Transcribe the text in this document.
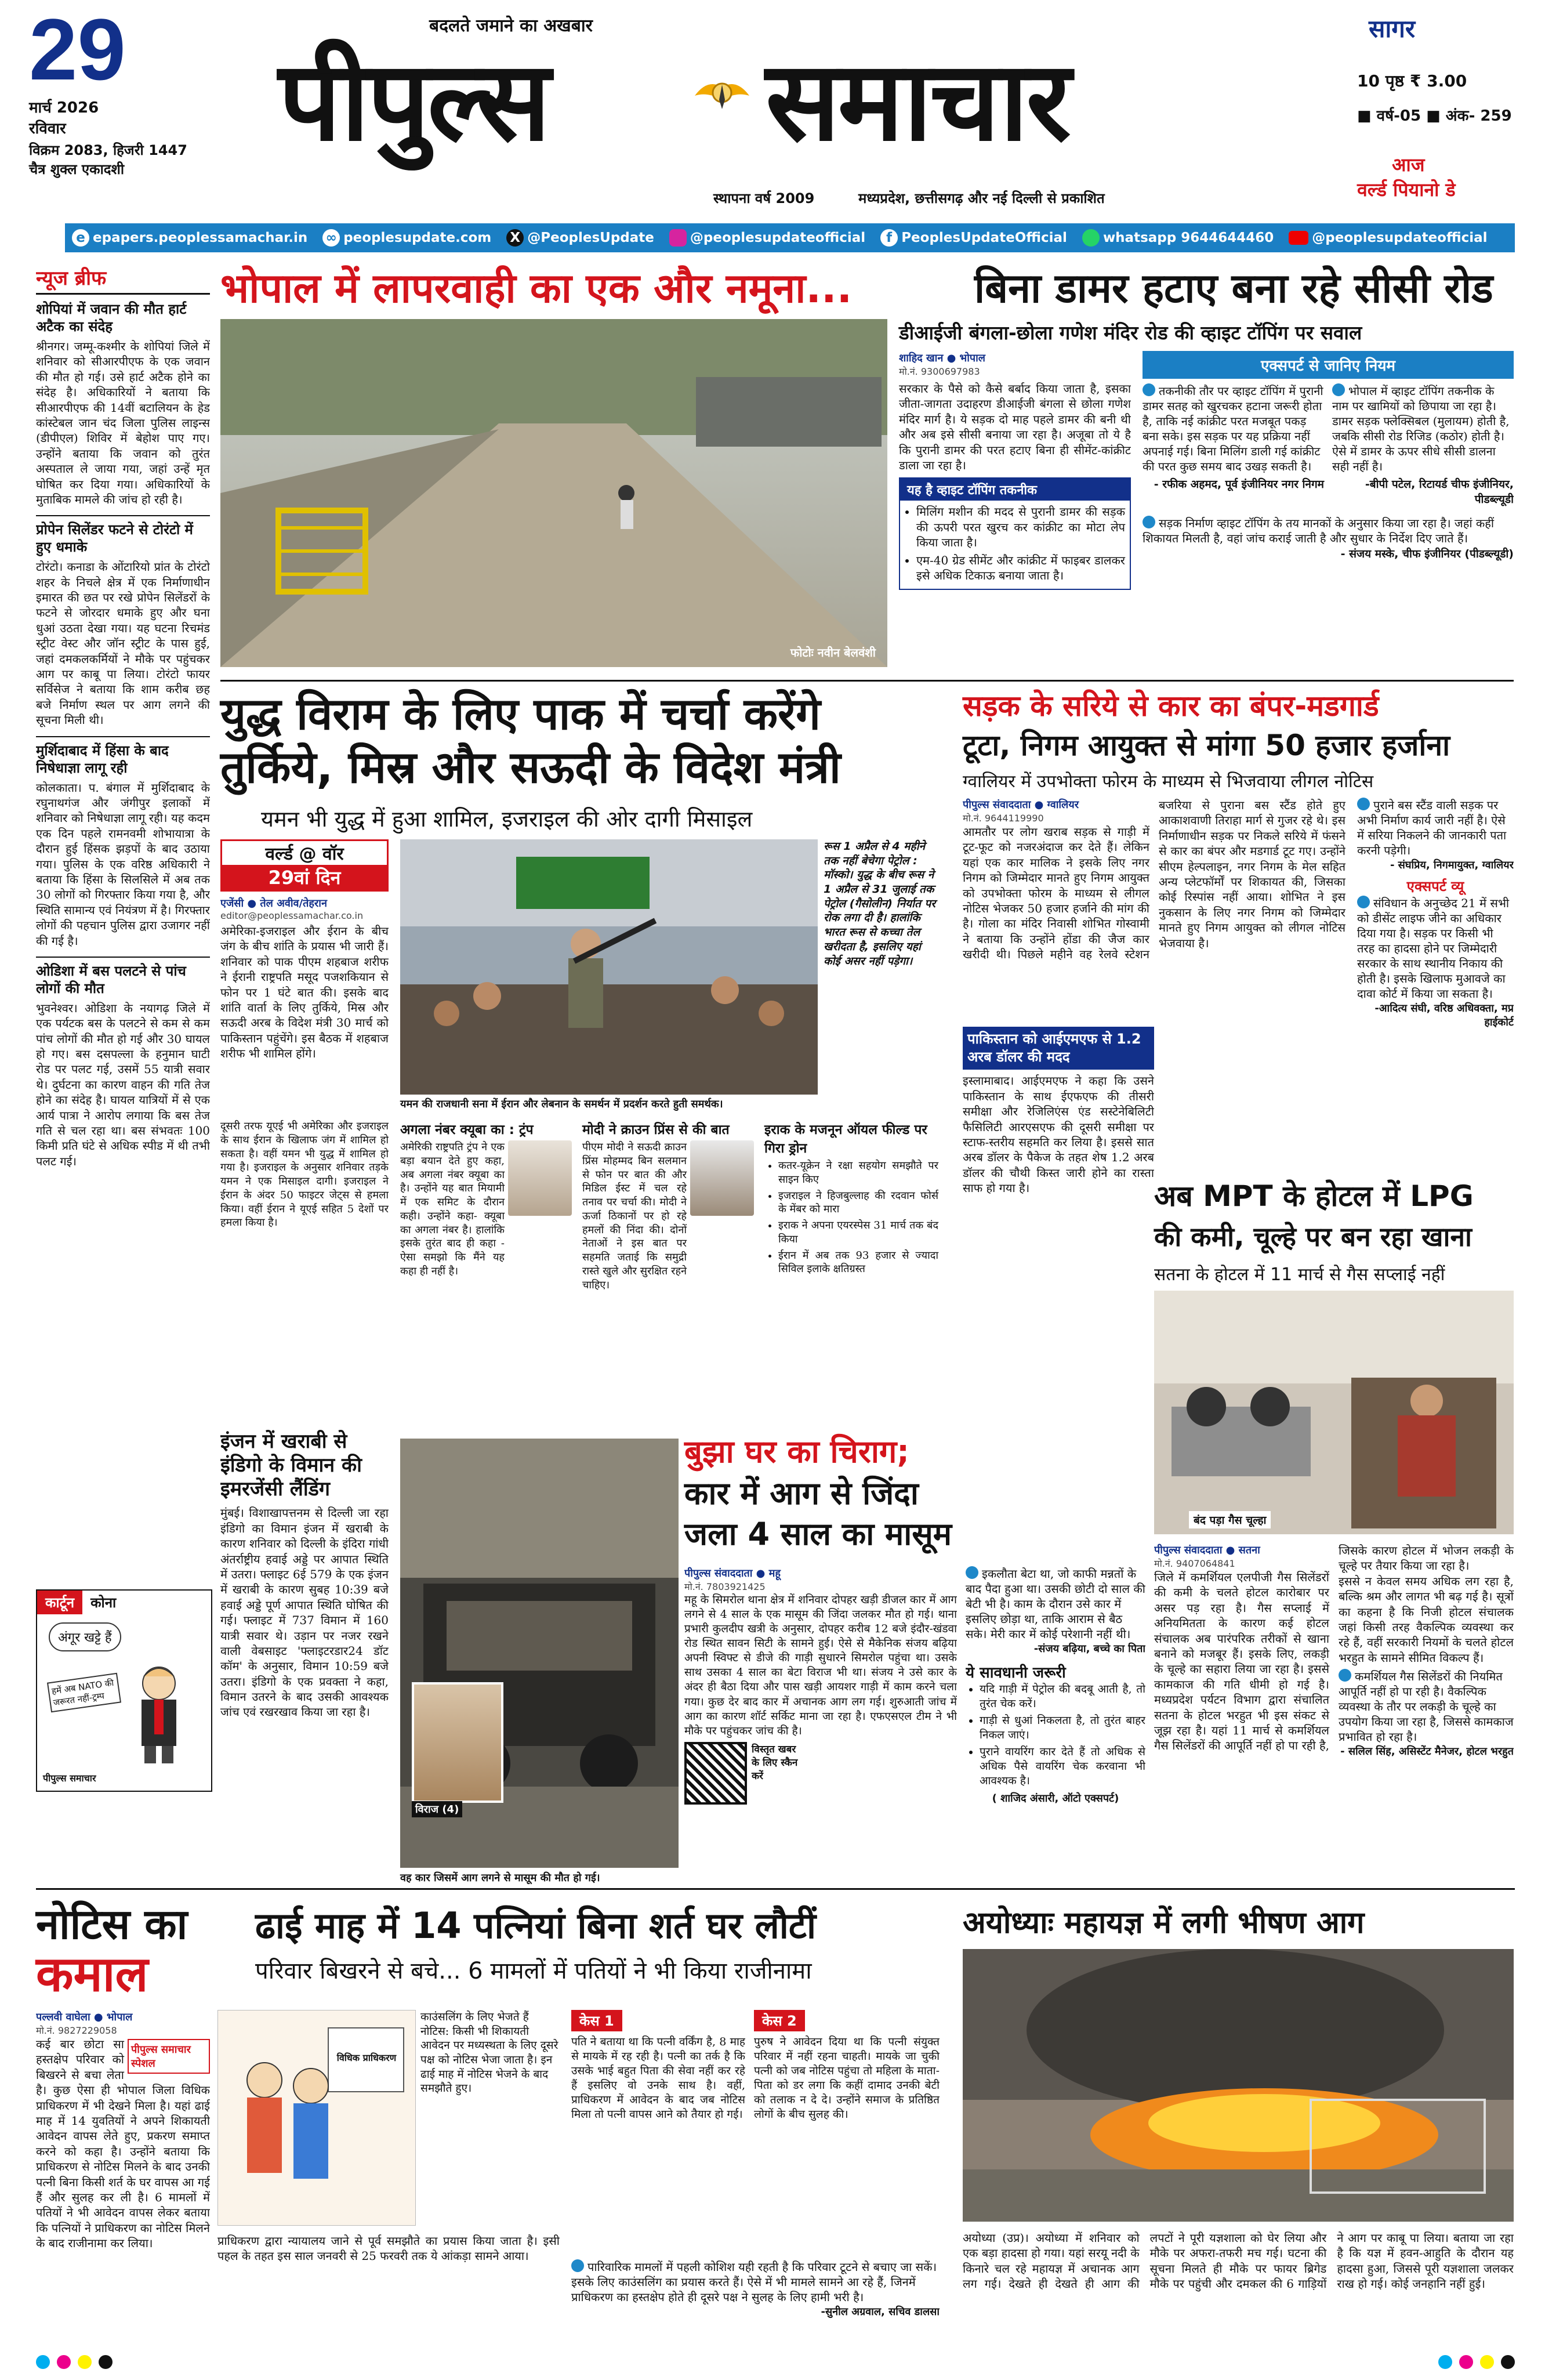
29
मार्च 2026
रविवार
विक्रम 2083, हिजरी 1447
चैत्र शुक्ल एकादशी
बदलते जमाने का अखबार
पीपुल्स समाचार
स्थापना वर्ष 2009	मध्यप्रदेश, छत्तीसगढ़ और नई दिल्ली से प्रकाशित
सागर
10 पृष्ठ ₹ 3.00
■ वर्ष-05 ■ अंक- 259
आज
वर्ल्ड पियानो डे
e epapers.peoplessamachar.in ∞ peoplesupdate.com X @PeoplesUpdate	@peoplesupdateofficial	f PeoplesUpdateOfficial	whatsapp 9644644460	@peoplesupdateofficial
न्यूज ब्रीफ
शोपियां में जवान की मौत हार्ट अटैक का संदेह
श्रीनगर। जम्मू-कश्मीर के शोपियां जिले में शनिवार को सीआरपीएफ के एक जवान की मौत हो गई। उसे हार्ट अटैक होने का संदेह है। अधिकारियों ने बताया कि सीआरपीएफ की 14वीं बटालियन के हेड कांस्टेबल जान चंद जिला पुलिस लाइन्स (डीपीएल) शिविर में बेहोश पाए गए। उन्होंने बताया कि जवान को तुरंत अस्पताल ले जाया गया, जहां उन्हें मृत घोषित कर दिया गया। अधिकारियों के मुताबिक मामले की जांच हो रही है।
प्रोपेन सिलेंडर फटने से टोरंटो में हुए धमाके
टोरंटो। कनाडा के ओंटारियो प्रांत के टोरंटो शहर के निचले क्षेत्र में एक निर्माणाधीन इमारत की छत पर रखे प्रोपेन सिलेंडरों के फटने से जोरदार धमाके हुए और घना धुआं उठता देखा गया। यह घटना रिचमंड स्ट्रीट वेस्ट और जॉन स्ट्रीट के पास हुई, जहां दमकलकर्मियों ने मौके पर पहुंचकर आग पर काबू पा लिया। टोरंटो फायर सर्विसेज ने बताया कि शाम करीब छह बजे निर्माण स्थल पर आग लगने की सूचना मिली थी।
मुर्शिदाबाद में हिंसा के बाद निषेधाज्ञा लागू रही
कोलकाता। प. बंगाल में मुर्शिदाबाद के रघुनाथगंज और जंगीपुर इलाकों में शनिवार को निषेधाज्ञा लागू रही। यह कदम एक दिन पहले रामनवमी शोभायात्रा के दौरान हुई हिंसक झड़पों के बाद उठाया गया। पुलिस के एक वरिष्ठ अधिकारी ने बताया कि हिंसा के सिलसिले में अब तक 30 लोगों को गिरफ्तार किया गया है, और स्थिति सामान्य एवं नियंत्रण में है। गिरफ्तार लोगों की पहचान पुलिस द्वारा उजागर नहीं की गई है।
ओडिशा में बस पलटने से पांच लोगों की मौत
भुवनेश्वर। ओडिशा के नयागढ़ जिले में एक पर्यटक बस के पलटने से कम से कम पांच लोगों की मौत हो गई और 30 घायल हो गए। बस दसपल्ला के हनुमान घाटी रोड पर पलट गई, उसमें 55 यात्री सवार थे। दुर्घटना का कारण वाहन की गति तेज होने का संदेह है। घायल यात्रियों में से एक आर्य पात्रा ने आरोप लगाया कि बस तेज गति से चल रहा था। बस संभवतः 100 किमी प्रति घंटे से अधिक स्पीड में थी तभी पलट गई।
कार्टून	कोना
अंगूर खट्टे हैं
हमें अब NATO की जरूरत नहीं-ट्रम्प
पीपुल्स समाचार
भोपाल में लापरवाही का एक और नमूना...	बिना डामर हटाए बना रहे सीसी रोड
फोटोः नवीन बेलवंशी
डीआईजी बंगला-छोला गणेश मंदिर रोड की व्हाइट टॉपिंग पर सवाल
शाहिद खान ● भोपाल
मो.नं. 9300697983
सरकार के पैसे को कैसे बर्बाद किया जाता है, इसका जीता-जागता उदाहरण डीआईजी बंगला से छोला गणेश मंदिर मार्ग है। ये सड़क दो माह पहले डामर की बनी थी और अब इसे सीसी बनाया जा रहा है। अजूबा तो ये है कि पुरानी डामर की परत हटाए बिना ही सीमेंट-कांक्रीट डाला जा रहा है।
यह है व्हाइट टॉपिंग तकनीक
• मिलिंग मशीन की मदद से पुरानी डामर की सड़क की ऊपरी परत खुरच कर कांक्रीट का मोटा लेप किया जाता है।
• एम-40 ग्रेड सीमेंट और कांक्रीट में फाइबर डालकर इसे अधिक टिकाऊ बनाया जाता है।
एक्सपर्ट से जानिए नियम
तकनीकी तौर पर व्हाइट टॉपिंग में पुरानी डामर सतह को खुरचकर हटाना जरूरी होता है, ताकि नई कांक्रीट परत मजबूत पकड़ बना सके। इस सड़क पर यह प्रक्रिया नहीं अपनाई गई। बिना मिलिंग डाली गई कांक्रीट की परत कुछ समय बाद उखड़ सकती है।
- रफीक अहमद, पूर्व इंजीनियर नगर निगम
भोपाल में व्हाइट टॉपिंग तकनीक के नाम पर खामियों को छिपाया जा रहा है। डामर सड़क फ्लेक्सिबल (मुलायम) होती है, जबकि सीसी रोड रिजिड (कठोर) होती है। ऐसे में डामर के ऊपर सीधे सीसी डालना सही नहीं है।
-बीपी पटेल, रिटायर्ड चीफ इंजीनियर, पीडब्ल्यूडी
सड़क निर्माण व्हाइट टॉपिंग के तय मानकों के अनुसार किया जा रहा है। जहां कहीं शिकायत मिलती है, वहां जांच कराई जाती है और सुधार के निर्देश दिए जाते हैं।
- संजय मस्के, चीफ इंजीनियर (पीडब्ल्यूडी)
युद्ध विराम के लिए पाक में चर्चा करेंगे
तुर्किये, मिस्र और सऊदी के विदेश मंत्री
यमन भी युद्ध में हुआ शामिल, इजराइल की ओर दागी मिसाइल
वर्ल्ड @ वॉर
29वां दिन
एजेंसी ● तेल अवीव/तेहरान
editor@peoplessamachar.co.in
अमेरिका-इजराइल और ईरान के बीच जंग के बीच शांति के प्रयास भी जारी हैं। शनिवार को पाक पीएम शहबाज शरीफ ने ईरानी राष्ट्रपति मसूद पजशकियान से फोन पर 1 घंटे बात की। इसके बाद शांति वार्ता के लिए तुर्किये, मिस्र और सऊदी अरब के विदेश मंत्री 30 मार्च को पाकिस्तान पहुंचेंगे। इस बैठक में शहबाज शरीफ भी शामिल होंगे।
यमन की राजधानी सना में ईरान और लेबनान के समर्थन में प्रदर्शन करते हुती समर्थक।
रूस 1 अप्रैल से 4 महीने तक नहीं बेचेगा पेट्रोल : मॉस्को। युद्ध के बीच रूस ने 1 अप्रैल से 31 जुलाई तक पेट्रोल (गैसोलीन) निर्यात पर रोक लगा दी है। हालांकि भारत रूस से कच्चा तेल खरीदता है, इसलिए यहां कोई असर नहीं पड़ेगा।
अगला नंबर क्यूबा का : ट्रंप
अमेरिकी राष्ट्रपति ट्रंप ने एक बड़ा बयान देते हुए कहा, अब अगला नंबर क्यूबा का है। उन्होंने यह बात मियामी में एक समिट के दौरान कही। उन्होंने कहा- क्यूबा का अगला नंबर है। हालांकि इसके तुरंत बाद ही कहा - ऐसा समझो कि मैंने यह कहा ही नहीं है।
मोदी ने क्राउन प्रिंस से की बात
पीएम मोदी ने सऊदी क्राउन प्रिंस मोहम्मद बिन सलमान से फोन पर बात की और मिडिल ईस्ट में चल रहे तनाव पर चर्चा की। मोदी ने ऊर्जा ठिकानों पर हो रहे हमलों की निंदा की। दोनों नेताओं ने इस बात पर सहमति जताई कि समुद्री रास्ते खुले और सुरक्षित रहने चाहिए।
इराक के मजनून ऑयल फील्ड पर गिरा ड्रोन
• कतर-यूक्रेन ने रक्षा सहयोग समझौते पर साइन किए
• इजराइल ने हिजबुल्लाह की रदवान फोर्स के मेंबर को मारा
• इराक ने अपना एयरस्पेस 31 मार्च तक बंद किया
• ईरान में अब तक 93 हजार से ज्यादा सिविल इलाके क्षतिग्रस्त
दूसरी तरफ यूएई भी अमेरिका और इजराइल के साथ ईरान के खिलाफ जंग में शामिल हो सकता है। वहीं यमन भी युद्ध में शामिल हो गया है। इजराइल के अनुसार शनिवार तड़के यमन ने एक मिसाइल दागी। इजराइल ने ईरान के अंदर 50 फाइटर जेट्स से हमला किया। वहीं ईरान ने यूएई सहित 5 देशों पर हमला किया है।
सड़क के सरिये से कार का बंपर-मडगार्ड
टूटा, निगम आयुक्त से मांगा 50 हजार हर्जाना
ग्वालियर में उपभोक्ता फोरम के माध्यम से भिजवाया लीगल नोटिस
पीपुल्स संवाददाता ● ग्वालियर
मो.नं. 9644119990
आमतौर पर लोग खराब सड़क से गाड़ी में टूट-फूट को नजरअंदाज कर देते हैं। लेकिन यहां एक कार मालिक ने इसके लिए नगर निगम को जिम्मेदार मानते हुए निगम आयुक्त को उपभोक्ता फोरम के माध्यम से लीगल नोटिस भेजकर 50 हजार हर्जाने की मांग की है। गोला का मंदिर निवासी शोभित गोस्वामी ने बताया कि उन्होंने होंडा की जैज कार खरीदी थी। पिछले महीने वह रेलवे स्टेशन बजरिया से पुराना बस स्टैंड होते हुए आकाशवाणी तिराहा मार्ग से गुजर रहे थे। इस निर्माणाधीन सड़क पर निकले सरिये में फंसने से कार का बंपर और मडगार्ड टूट गए। उन्होंने सीएम हेल्पलाइन, नगर निगम के मेल सहित अन्य प्लेटफॉर्मों पर शिकायत की, जिसका कोई रिस्पांस नहीं आया। शोभित ने इस नुकसान के लिए नगर निगम को जिम्मेदार मानते हुए निगम आयुक्त को लीगल नोटिस भेजवाया है।
पुराने बस स्टैंड वाली सड़क पर अभी निर्माण कार्य जारी नहीं है। ऐसे में सरिया निकलने की जानकारी पता करनी पड़ेगी।
- संघप्रिय, निगमायुक्त, ग्वालियर
एक्सपर्ट व्यू
संविधान के अनुच्छेद 21 में सभी को डीसेंट लाइफ जीने का अधिकार दिया गया है। सड़क पर किसी भी तरह का हादसा होने पर जिम्मेदारी सरकार के साथ स्थानीय निकाय की होती है। इसके खिलाफ मुआवजे का दावा कोर्ट में किया जा सकता है।
-आदित्य संघी, वरिष्ठ अधिवक्ता, मप्र हाईकोर्ट
पाकिस्तान को आईएमएफ से 1.2 अरब डॉलर की मदद
इस्लामाबाद। आईएमएफ ने कहा कि उसने पाकिस्तान के साथ ईएफएफ की तीसरी समीक्षा और रेजिलिएंस एंड सस्टेनेबिलिटी फैसिलिटी आरएसएफ की दूसरी समीक्षा पर स्टाफ-स्तरीय सहमति कर लिया है। इससे सात अरब डॉलर के पैकेज के तहत शेष 1.2 अरब डॉलर की चौथी किस्त जारी होने का रास्ता साफ हो गया है।	अब MPT के होटल में LPG
की कमी, चूल्हे पर बन रहा खाना
सतना के होटल में 11 मार्च से गैस सप्लाई नहीं
बंद पड़ा गैस चूल्हा
पीपुल्स संवाददाता ● सतना
मो.नं. 9407064841
जिले में कमर्शियल एलपीजी गैस सिलेंडरों की कमी के चलते होटल कारोबार पर असर पड़ रहा है। गैस सप्लाई में अनियमितता के कारण कई होटल संचालक अब पारंपरिक तरीकों से खाना बनाने को मजबूर हैं। इसके लिए, लकड़ी के चूल्हे का सहारा लिया जा रहा है। इससे कामकाज की गति धीमी हो गई है। मध्यप्रदेश पर्यटन विभाग द्वारा संचालित सतना के होटल भरहुत भी इस संकट से जूझ रहा है। यहां 11 मार्च से कमर्शियल गैस सिलेंडरों की आपूर्ति नहीं हो पा रही है, जिसके कारण होटल में भोजन लकड़ी के चूल्हे पर तैयार किया जा रहा है।
इससे न केवल समय अधिक लग रहा है, बल्कि श्रम और लागत भी बढ़ गई है। सूत्रों का कहना है कि निजी होटल संचालक जहां किसी तरह वैकल्पिक व्यवस्था कर रहे हैं, वहीं सरकारी नियमों के चलते होटल भरहुत के सामने सीमित विकल्प हैं।
कमर्शियल गैस सिलेंडरों की नियमित आपूर्ति नहीं हो पा रही है। वैकल्पिक व्यवस्था के तौर पर लकड़ी के चूल्हे का उपयोग किया जा रहा है, जिससे कामकाज प्रभावित हो रहा है।
- सलिल सिंह, असिस्टेंट मैनेजर, होटल भरहुत
इंजन में खराबी से इंडिगो के विमान की इमरजेंसी लैंडिंग
मुंबई। विशाखापत्तनम से दिल्ली जा रहा इंडिगो का विमान इंजन में खराबी के कारण शनिवार को दिल्ली के इंदिरा गांधी अंतर्राष्ट्रीय हवाई अड्डे पर आपात स्थिति में उतरा। फ्लाइट 6ई 579 के एक इंजन में खराबी के कारण सुबह 10:39 बजे हवाई अड्डे पूर्ण आपात स्थिति घोषित की गई। फ्लाइट में 737 विमान में 160 यात्री सवार थे। उड़ान पर नजर रखने वाली वेबसाइट 'फ्लाइटरडार24 डॉट कॉम' के अनुसार, विमान 10:59 बजे उतरा। इंडिगो के एक प्रवक्ता ने कहा, विमान उतरने के बाद उसकी आवश्यक जांच एवं रखरखाव किया जा रहा है।
विराज (4)
वह कार जिसमें आग लगने से मासूम की मौत हो गई।
बुझा घर का चिराग;
कार में आग से जिंदा जला 4 साल का मासूम
पीपुल्स संवाददाता ● महू
मो.नं. 7803921425
महू के सिमरोल थाना क्षेत्र में शनिवार दोपहर खड़ी डीजल कार में आग लगने से 4 साल के एक मासूम की जिंदा जलकर मौत हो गई। थाना प्रभारी कुलदीप खत्री के अनुसार, दोपहर करीब 12 बजे इंदौर-खंडवा रोड स्थित सावन सिटी के सामने हुई। ऐसे से मैकेनिक संजय बढ़िया अपनी स्विफ्ट से डीजे की गाड़ी सुधारने सिमरोल पहुंचा था। उसके साथ उसका 4 साल का बेटा विराज भी था। संजय ने उसे कार के अंदर ही बैठा दिया और पास खड़ी आयशर गाड़ी में काम करने चला गया। कुछ देर बाद कार में अचानक आग लग गई। शुरुआती जांच में आग का कारण शॉर्ट सर्किट माना जा रहा है। एफएसएल टीम ने भी मौके पर पहुंचकर जांच की है।
विस्तृत खबर के लिए स्कैन करें
इकलौता बेटा था, जो काफी मन्नतों के बाद पैदा हुआ था। उसकी छोटी दो साल की बेटी भी है। काम के दौरान उसे कार में इसलिए छोड़ा था, ताकि आराम से बैठ सके। मेरी कार में कोई परेशानी नहीं थी।
-संजय बढ़िया, बच्चे का पिता
ये सावधानी जरूरी
• यदि गाड़ी में पेट्रोल की बदबू आती है, तो तुरंत चेक करें।
• गाड़ी से धुआं निकलता है, तो तुरंत बाहर निकल जाएं।
• पुराने वायरिंग कार देते हैं तो अधिक से अधिक पैसे वायरिंग चेक करवाना भी आवश्यक है।
( शाजिद अंसारी, ऑटो एक्सपर्ट)
नोटिस का
कमाल
ढाई माह में 14 पत्नियां बिना शर्त घर लौटीं
परिवार बिखरने से बचे... 6 मामलों में पतियों ने भी किया राजीनामा
पल्लवी वाघेला ● भोपाल
मो.नं. 9827229058
पीपुल्स समाचार स्पेशल
कई बार छोटा सा हस्तक्षेप परिवार को बिखरने से बचा लेता है। कुछ ऐसा ही भोपाल जिला विधिक प्राधिकरण में भी देखने मिला है। यहां ढाई माह में 14 युवतियों ने अपने शिकायती आवेदन वापस लेते हुए, प्रकरण समाप्त करने को कहा है। उन्होंने बताया कि प्राधिकरण से नोटिस मिलने के बाद उनकी पत्नी बिना किसी शर्त के घर वापस आ गई हैं और सुलह कर ली है। 6 मामलों में पतियों ने भी आवेदन वापस लेकर बताया कि पत्नियों ने प्राधिकरण का नोटिस मिलने के बाद राजीनामा कर लिया।
विधिक प्राधिकरण
काउंसलिंग के लिए भेजते हैं नोटिस: किसी भी शिकायती आवेदन पर मध्यस्थता के लिए दूसरे पक्ष को नोटिस भेजा जाता है। इन ढाई माह में नोटिस भेजने के बाद समझौते हुए।
प्राधिकरण द्वारा न्यायालय जाने से पूर्व समझौते का प्रयास किया जाता है। इसी पहल के तहत इस साल जनवरी से 25 फरवरी तक ये आंकड़ा सामने आया।
केस 1
पति ने बताया था कि पत्नी वर्किंग है, 8 माह से मायके में रह रही है। पत्नी का तर्क है कि उसके भाई बहुत पिता की सेवा नहीं कर रहे हैं इसलिए वो उनके साथ है। वहीं, प्राधिकरण में आवेदन के बाद जब नोटिस मिला तो पत्नी वापस आने को तैयार हो गई।
केस 2
पुरुष ने आवेदन दिया था कि पत्नी संयुक्त परिवार में नहीं रहना चाहती। मायके जा चुकी पत्नी को जब नोटिस पहुंचा तो महिला के माता-पिता को डर लगा कि कहीं दामाद उनकी बेटी को तलाक न दे दे। उन्होंने समाज के प्रतिष्ठित लोगों के बीच सुलह की।
पारिवारिक मामलों में पहली कोशिश यही रहती है कि परिवार टूटने से बचाए जा सकें। इसके लिए काउंसलिंग का प्रयास करते हैं। ऐसे में भी मामले सामने आ रहे हैं, जिनमें प्राधिकरण का हस्तक्षेप होते ही दूसरे पक्ष ने सुलह के लिए हामी भरी है।
-सुनील अग्रवाल, सचिव डालसा
अयोध्याः महायज्ञ में लगी भीषण आग
अयोध्या (उप्र)। अयोध्या में शनिवार को एक बड़ा हादसा हो गया। यहां सरयू नदी के किनारे चल रहे महायज्ञ में अचानक आग लग गई। देखते ही देखते ही आग की लपटों ने पूरी यज्ञशाला को घेर लिया और मौके पर अफरा-तफरी मच गई। घटना की सूचना मिलते ही मौके पर फायर ब्रिगेड मौके पर पहुंची और दमकल की 6 गाड़ियों ने आग पर काबू पा लिया। बताया जा रहा है कि यज्ञ में हवन-आहुति के दौरान यह हादसा हुआ, जिससे पूरी यज्ञशाला जलकर राख हो गई। कोई जनहानि नहीं हुई।
